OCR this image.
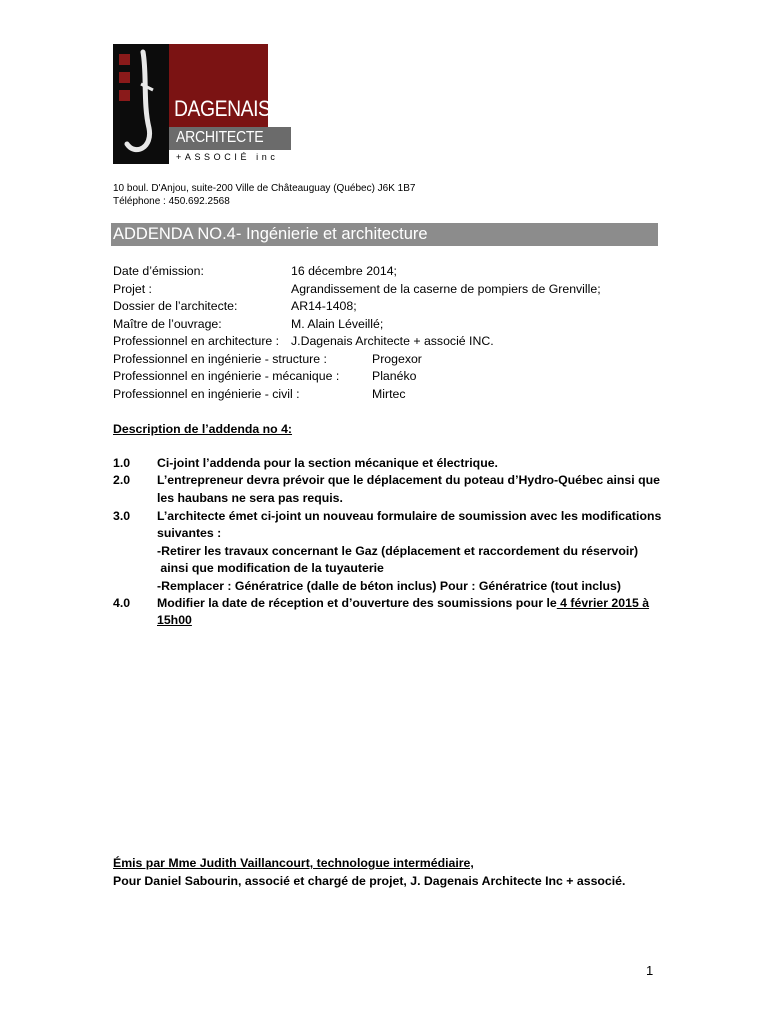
DAGENAIS
ARCHITECTE
+ASSOCIÉ inc
10 boul. D'Anjou, suite-200 Ville de Châteauguay (Québec) J6K 1B7
Téléphone : 450.692.2568
ADDENDA NO.4- Ingénierie et architecture
Date d’émission:	16 décembre 2014;
Projet :	Agrandissement de la caserne de pompiers de Grenville;
Dossier de l’architecte:	AR14-1408;
Maître de l’ouvrage:	M. Alain Léveillé;
Professionnel en architecture : J.Dagenais Architecte + associé INC.
Professionnel en ingénierie - structure :	Progexor
Professionnel en ingénierie - mécanique :	Planéko
Professionnel en ingénierie - civil :	Mirtec
Description de l’addenda no 4:
1.0 Ci-joint l’addenda pour la section mécanique et électrique.
2.0 L’entrepreneur devra prévoir que le déplacement du poteau d’Hydro-Québec ainsi que
les haubans ne sera pas requis.
3.0 L’architecte émet ci-joint un nouveau formulaire de soumission avec les modifications
suivantes :
-Retirer les travaux concernant le Gaz (déplacement et raccordement du réservoir)
ainsi que modification de la tuyauterie
-Remplacer : Génératrice (dalle de béton inclus) Pour : Génératrice (tout inclus)
4.0 Modifier la date de réception et d’ouverture des soumissions pour le 4 février 2015 à
15h00
Émis par Mme Judith Vaillancourt, technologue intermédiaire,
Pour Daniel Sabourin, associé et chargé de projet, J. Dagenais Architecte Inc + associé.
1
